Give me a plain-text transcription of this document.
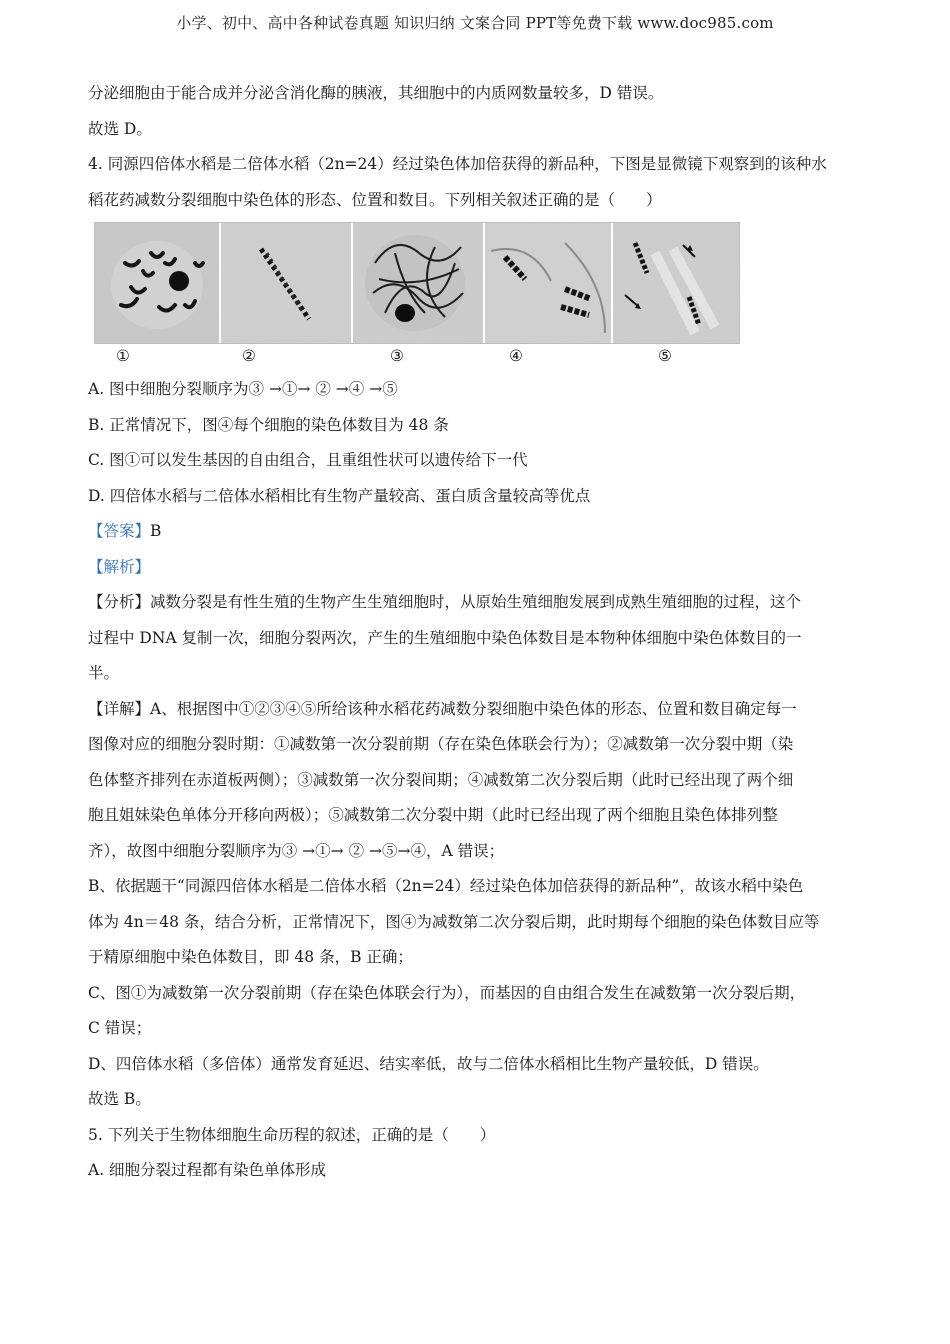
小学、初中、高中各种试卷真题 知识归纳 文案合同 PPT等免费下载 www.doc985.com

分泌细胞由于能合成并分泌含消化酶的胰液，其细胞中的内质网数量较多，D 错误。

故选 D。

4. 同源四倍体水稻是二倍体水稻（2n=24）经过染色体加倍获得的新品种，下图是显微镜下观察到的该种水

稻花药减数分裂细胞中染色体的形态、位置和数目。下列相关叙述正确的是（　　）

①	②	③	④	⑤

A. 图中细胞分裂顺序为③ →①→ ② →④ →⑤

B. 正常情况下，图④每个细胞的染色体数目为 48 条

C. 图①可以发生基因的自由组合，且重组性状可以遗传给下一代

D. 四倍体水稻与二倍体水稻相比有生物产量较高、蛋白质含量较高等优点

【答案】B

【解析】

【分析】减数分裂是有性生殖的生物产生生殖细胞时，从原始生殖细胞发展到成熟生殖细胞的过程，这个

过程中 DNA 复制一次，细胞分裂两次，产生的生殖细胞中染色体数目是本物种体细胞中染色体数目的一

半。

【详解】A、根据图中①②③④⑤所给该种水稻花药减数分裂细胞中染色体的形态、位置和数目确定每一

图像对应的细胞分裂时期：①减数第一次分裂前期（存在染色体联会行为）；②减数第一次分裂中期（染

色体整齐排列在赤道板两侧）；③减数第一次分裂间期；④减数第二次分裂后期（此时已经出现了两个细

胞且姐妹染色单体分开移向两极）；⑤减数第二次分裂中期（此时已经出现了两个细胞且染色体排列整

齐），故图中细胞分裂顺序为③ →①→ ② →⑤→④，A 错误；

B、依据题干“同源四倍体水稻是二倍体水稻（2n=24）经过染色体加倍获得的新品种”，故该水稻中染色

体为 4n＝48 条，结合分析，正常情况下，图④为减数第二次分裂后期，此时期每个细胞的染色体数目应等

于精原细胞中染色体数目，即 48 条，B 正确；

C、图①为减数第一次分裂前期（存在染色体联会行为），而基因的自由组合发生在减数第一次分裂后期，

C 错误；

D、四倍体水稻（多倍体）通常发育延迟、结实率低，故与二倍体水稻相比生物产量较低，D 错误。

故选 B。

5. 下列关于生物体细胞生命历程的叙述，正确的是（　　）

A. 细胞分裂过程都有染色单体形成
